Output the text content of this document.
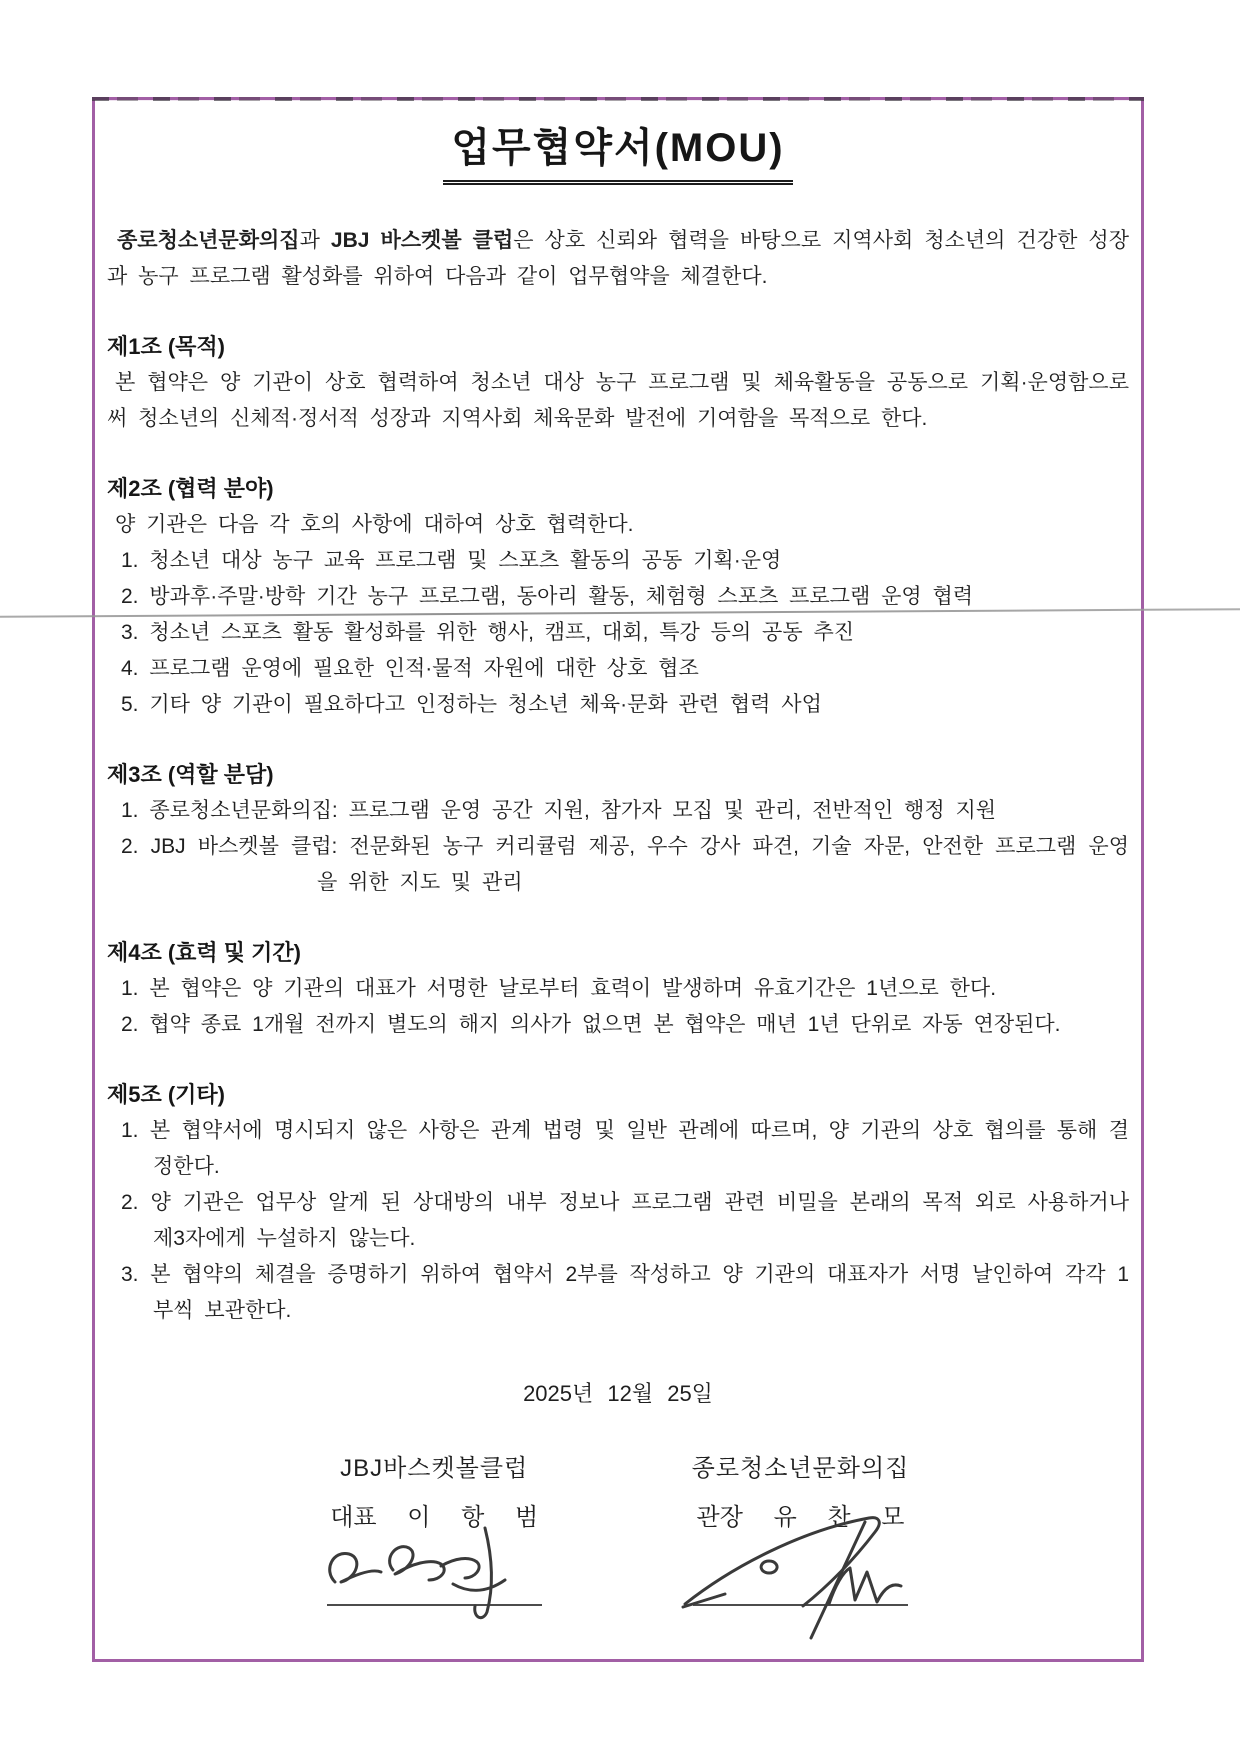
업무협약서(MOU)

종로청소년문화의집과 JBJ 바스켓볼 클럽은 상호 신뢰와 협력을 바탕으로 지역사회 청소년의 건강한 성장과 농구 프로그램 활성화를 위하여 다음과 같이 업무협약을 체결한다.

제1조 (목적)

본 협약은 양 기관이 상호 협력하여 청소년 대상 농구 프로그램 및 체육활동을 공동으로 기획·운영함으로써 청소년의 신체적·정서적 성장과 지역사회 체육문화 발전에 기여함을 목적으로 한다.

제2조 (협력 분야)

양 기관은 다음 각 호의 사항에 대하여 상호 협력한다.

1. 청소년 대상 농구 교육 프로그램 및 스포츠 활동의 공동 기획·운영
2. 방과후·주말·방학 기간 농구 프로그램, 동아리 활동, 체험형 스포츠 프로그램 운영 협력
3. 청소년 스포츠 활동 활성화를 위한 행사, 캠프, 대회, 특강 등의 공동 추진
4. 프로그램 운영에 필요한 인적·물적 자원에 대한 상호 협조
5. 기타 양 기관이 필요하다고 인정하는 청소년 체육·문화 관련 협력 사업
제3조 (역할 분담)
1. 종로청소년문화의집: 프로그램 운영 공간 지원, 참가자 모집 및 관리, 전반적인 행정 지원
2. JBJ 바스켓볼 클럽: 전문화된 농구 커리큘럼 제공, 우수 강사 파견, 기술 자문, 안전한 프로그램 운영을 위한 지도 및 관리
제4조 (효력 및 기간)
1. 본 협약은 양 기관의 대표가 서명한 날로부터 효력이 발생하며 유효기간은 1년으로 한다.
2. 협약 종료 1개월 전까지 별도의 해지 의사가 없으면 본 협약은 매년 1년 단위로 자동 연장된다.
제5조 (기타)
1. 본 협약서에 명시되지 않은 사항은 관계 법령 및 일반 관례에 따르며, 양 기관의 상호 협의를 통해 결정한다.
2. 양 기관은 업무상 알게 된 상대방의 내부 정보나 프로그램 관련 비밀을 본래의 목적 외로 사용하거나 제3자에게 누설하지 않는다.
3. 본 협약의 체결을 증명하기 위하여 협약서 2부를 작성하고 양 기관의 대표자가 서명 날인하여 각각 1부씩 보관한다.
2025년 12월 25일
JBJ바스켓볼클럽
대표 이 항 범
종로청소년문화의집
관장 유 찬 모
